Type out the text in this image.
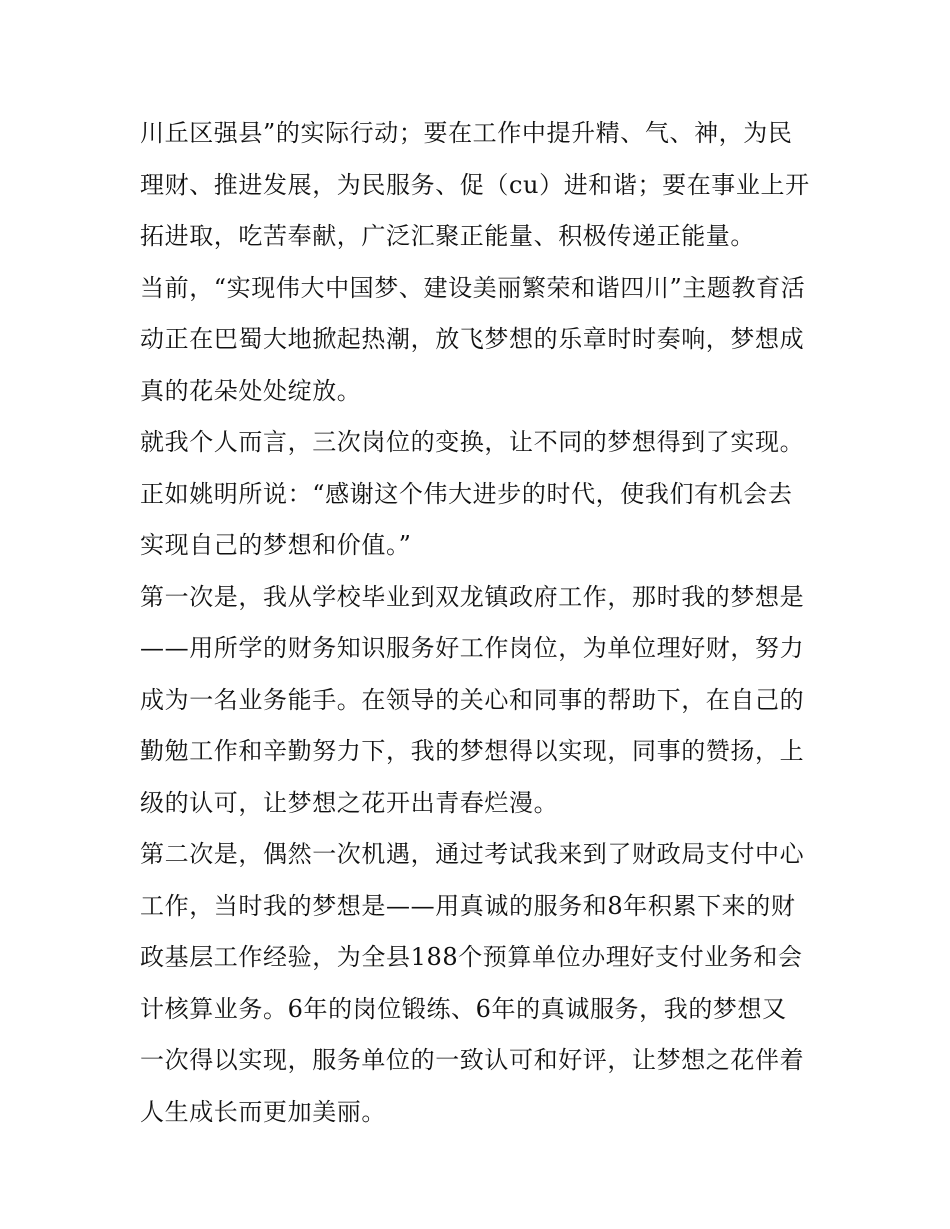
川丘区强县”的实际行动；要在工作中提升精、气、神，为民
理财、推进发展，为民服务、促（cu）进和谐；要在事业上开
拓进取，吃苦奉献，广泛汇聚正能量、积极传递正能量。
当前，“实现伟大中国梦、建设美丽繁荣和谐四川”主题教育活
动正在巴蜀大地掀起热潮，放飞梦想的乐章时时奏响，梦想成
真的花朵处处绽放。
就我个人而言，三次岗位的变换，让不同的梦想得到了实现。
正如姚明所说：“感谢这个伟大进步的时代，使我们有机会去
实现自己的梦想和价值。”
第一次是，我从学校毕业到双龙镇政府工作，那时我的梦想是
——用所学的财务知识服务好工作岗位，为单位理好财，努力
成为一名业务能手。在领导的关心和同事的帮助下，在自己的
勤勉工作和辛勤努力下，我的梦想得以实现，同事的赞扬，上
级的认可，让梦想之花开出青春烂漫。
第二次是，偶然一次机遇，通过考试我来到了财政局支付中心
工作，当时我的梦想是——用真诚的服务和8年积累下来的财
政基层工作经验，为全县188个预算单位办理好支付业务和会
计核算业务。6年的岗位锻练、6年的真诚服务，我的梦想又
一次得以实现，服务单位的一致认可和好评，让梦想之花伴着
人生成长而更加美丽。
